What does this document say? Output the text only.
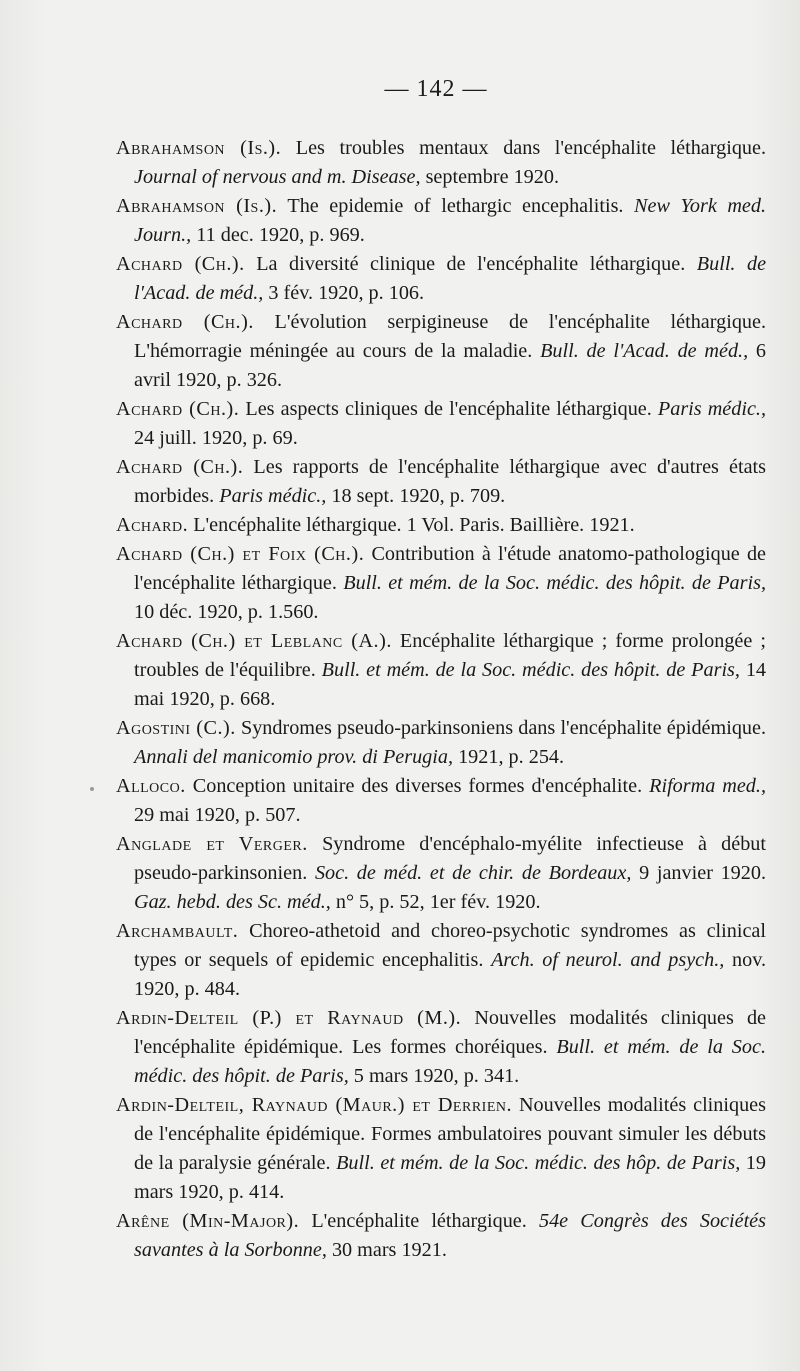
— 142 —

Abrahamson (Is.). Les troubles mentaux dans l'encéphalite léthargique. Journal of nervous and m. Disease, septembre 1920.

Abrahamson (Is.). The epidemie of lethargic encephalitis. New York med. Journ., 11 dec. 1920, p. 969.

Achard (Ch.). La diversité clinique de l'encéphalite léthargique. Bull. de l'Acad. de méd., 3 fév. 1920, p. 106.

Achard (Ch.). L'évolution serpigineuse de l'encéphalite léthargique. L'hémorragie méningée au cours de la maladie. Bull. de l'Acad. de méd., 6 avril 1920, p. 326.

Achard (Ch.). Les aspects cliniques de l'encéphalite léthargique. Paris médic., 24 juill. 1920, p. 69.

Achard (Ch.). Les rapports de l'encéphalite léthargique avec d'autres états morbides. Paris médic., 18 sept. 1920, p. 709.

Achard. L'encéphalite léthargique. 1 Vol. Paris. Baillière. 1921.

Achard (Ch.) et Foix (Ch.). Contribution à l'étude anatomo-pathologique de l'encéphalite léthargique. Bull. et mém. de la Soc. médic. des hôpit. de Paris, 10 déc. 1920, p. 1.560.

Achard (Ch.) et Leblanc (A.). Encéphalite léthargique ; forme prolongée ; troubles de l'équilibre. Bull. et mém. de la Soc. médic. des hôpit. de Paris, 14 mai 1920, p. 668.

Agostini (C.). Syndromes pseudo-parkinsoniens dans l'encéphalite épidémique. Annali del manicomio prov. di Perugia, 1921, p. 254.

Alloco. Conception unitaire des diverses formes d'encéphalite. Riforma med., 29 mai 1920, p. 507.

Anglade et Verger. Syndrome d'encéphalo-myélite infectieuse à début pseudo-parkinsonien. Soc. de méd. et de chir. de Bordeaux, 9 janvier 1920. Gaz. hebd. des Sc. méd., n° 5, p. 52, 1er fév. 1920.

Archambault. Choreo-athetoid and choreo-psychotic syndromes as clinical types or sequels of epidemic encephalitis. Arch. of neurol. and psych., nov. 1920, p. 484.

Ardin-Delteil (P.) et Raynaud (M.). Nouvelles modalités cliniques de l'encéphalite épidémique. Les formes choréiques. Bull. et mém. de la Soc. médic. des hôpit. de Paris, 5 mars 1920, p. 341.

Ardin-Delteil, Raynaud (Maur.) et Derrien. Nouvelles modalités cliniques de l'encéphalite épidémique. Formes ambulatoires pouvant simuler les débuts de la paralysie générale. Bull. et mém. de la Soc. médic. des hôp. de Paris, 19 mars 1920, p. 414.

Arêne (Min-Major). L'encéphalite léthargique. 54e Congrès des Sociétés savantes à la Sorbonne, 30 mars 1921.
